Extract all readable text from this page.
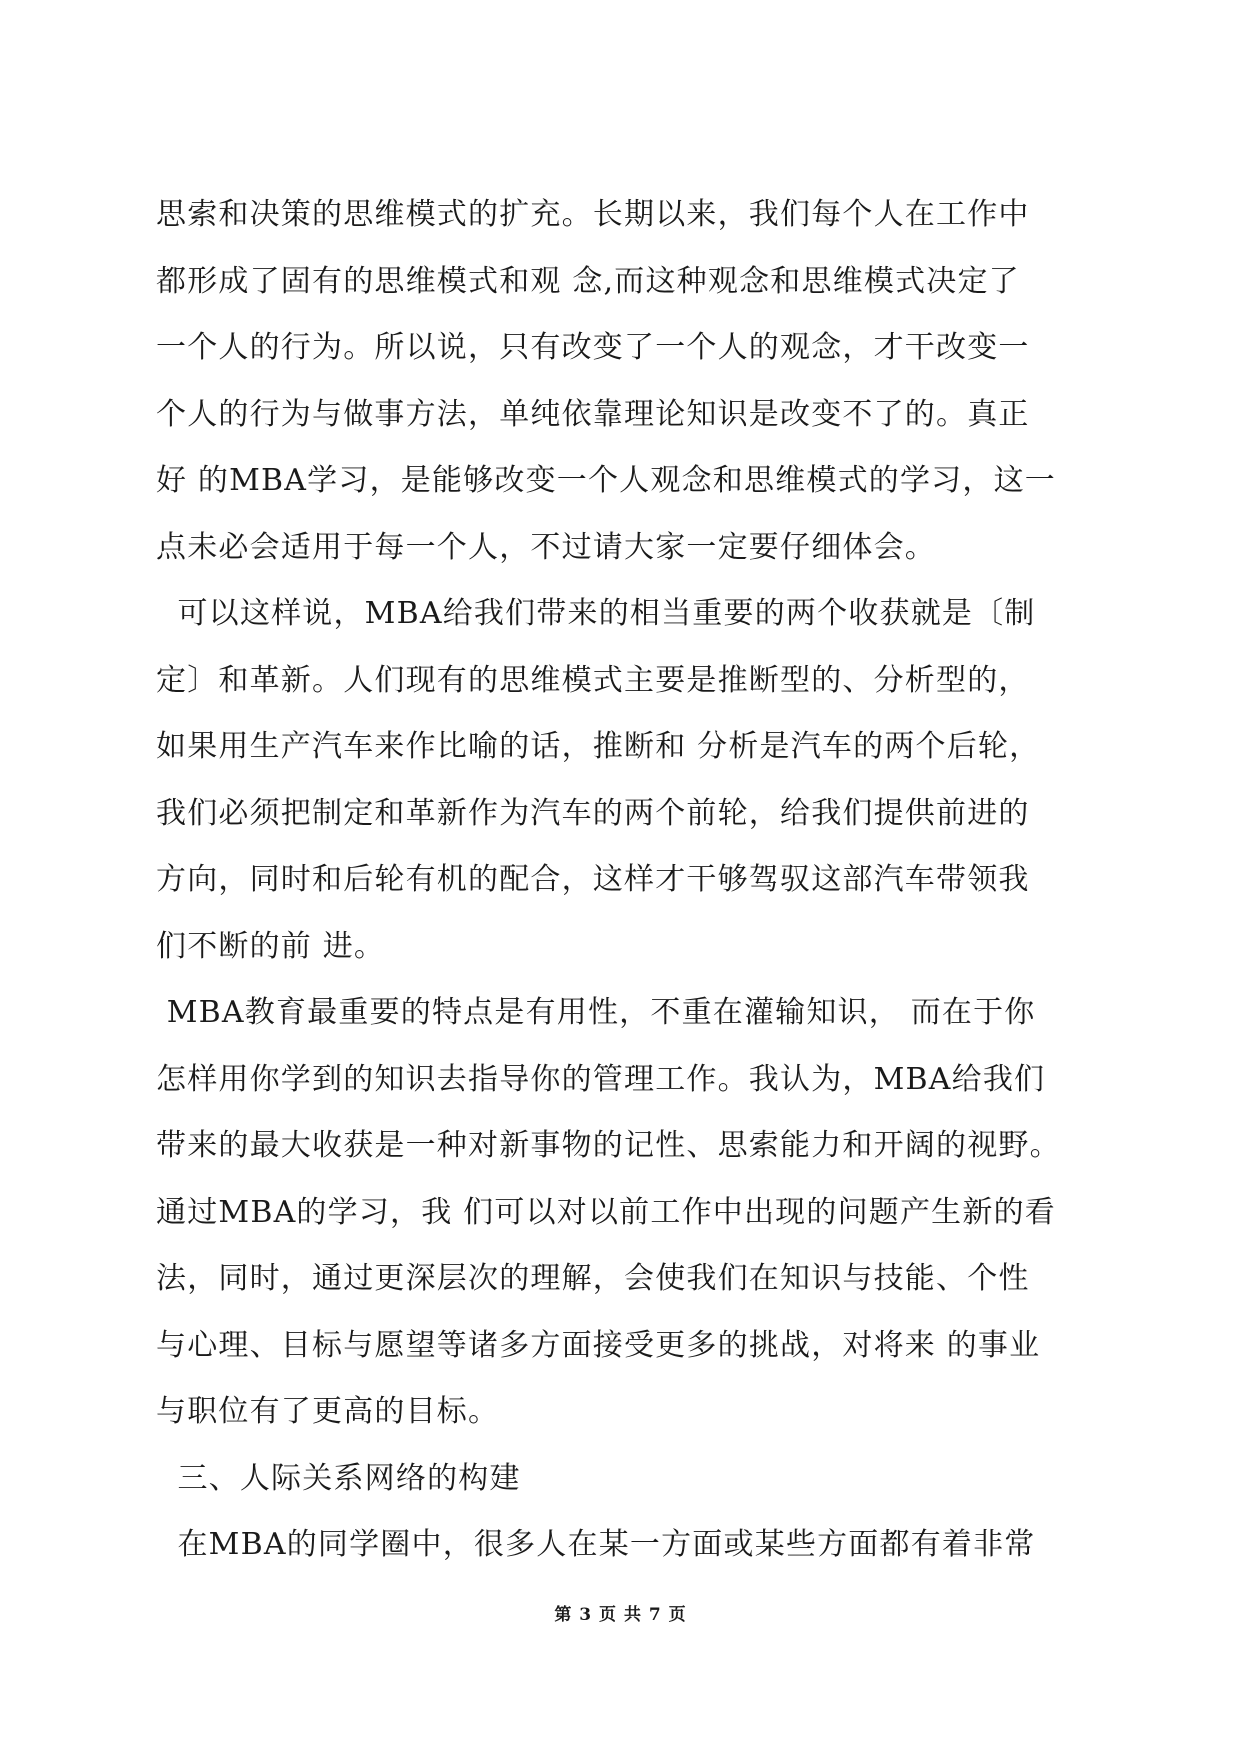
思索和决策的思维模式的扩充。长期以来，我们每个人在工作中
都形成了固有的思维模式和观 念,而这种观念和思维模式决定了
一个人的行为。所以说，只有改变了一个人的观念，才干改变一
个人的行为与做事方法，单纯依靠理论知识是改变不了的。真正
好 的MBA学习，是能够改变一个人观念和思维模式的学习，这一
点未必会适用于每一个人，不过请大家一定要仔细体会。
可以这样说，MBA给我们带来的相当重要的两个收获就是〔制
定〕和革新。人们现有的思维模式主要是推断型的、分析型的，
如果用生产汽车来作比喻的话，推断和 分析是汽车的两个后轮，
我们必须把制定和革新作为汽车的两个前轮，给我们提供前进的
方向，同时和后轮有机的配合，这样才干够驾驭这部汽车带领我
们不断的前 进。
MBA教育最重要的特点是有用性，不重在灌输知识， 而在于你
怎样用你学到的知识去指导你的管理工作。我认为，MBA给我们
带来的最大收获是一种对新事物的记性、思索能力和开阔的视野。
通过MBA的学习，我 们可以对以前工作中出现的问题产生新的看
法，同时，通过更深层次的理解，会使我们在知识与技能、个性
与心理、目标与愿望等诸多方面接受更多的挑战，对将来 的事业
与职位有了更高的目标。
三、人际关系网络的构建
在MBA的同学圈中，很多人在某一方面或某些方面都有着非常
第 3 页 共 7 页
